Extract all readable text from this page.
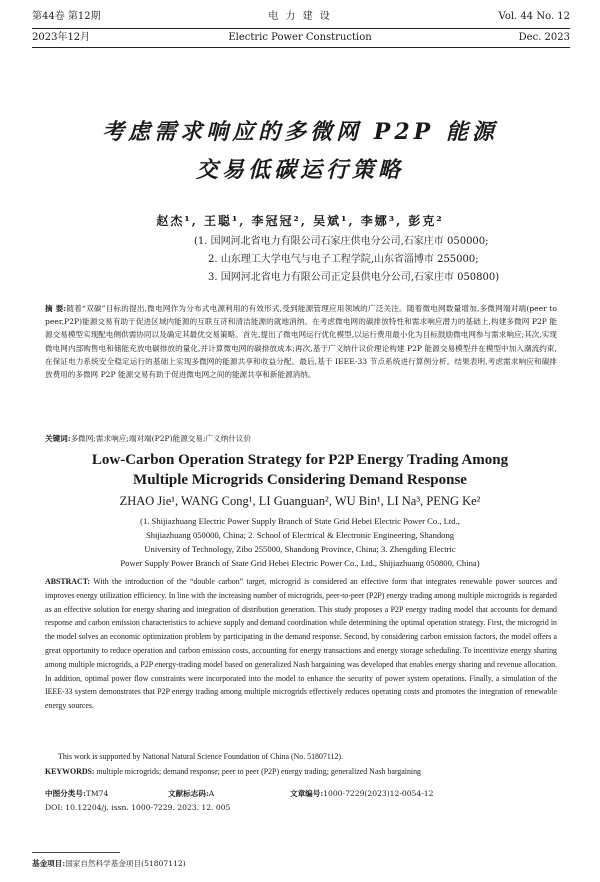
第44卷 第12期	电 力 建 设	Vol. 44 No. 12
2023年12月	Electric Power Construction	Dec. 2023
考虑需求响应的多微网 P2P 能源
交易低碳运行策略
赵杰¹, 王聪¹, 李冠冠², 吴斌¹, 李娜³, 彭克²
(1. 国网河北省电力有限公司石家庄供电分公司,石家庄市 050000;
2. 山东理工大学电气与电子工程学院,山东省淄博市 255000;
3. 国网河北省电力有限公司正定县供电分公司,石家庄市 050800)
摘 要:随着“双碳”目标的提出,微电网作为分布式电源利用的有效形式,受到能源管理应用领域的广泛关注。随着微电网数量增加,多微网端对端(peer to peer,P2P)能源交易有助于促进区域内能源的互联互济和清洁能源的就地消纳。在考虑微电网的碳排放特性和需求响应潜力的基础上,构建多微网 P2P 能源交易模型实现配电侧供需协同以及确定其最优交易策略。首先,提出了微电网运行优化模型,以运行费用最小化为目标鼓励微电网参与需求响应;其次,实现微电网内部购售电和储能充放电碳排放的量化,并计算微电网的碳排放成本;再次,基于广义纳什议价理论构建 P2P 能源交易模型并在模型中加入潮流约束,在保证电力系统安全稳定运行的基础上实现多微网的能源共享和收益分配。最后,基于 IEEE-33 节点系统进行算例分析。结果表明,考虑需求响应和碳排放费用的多微网 P2P 能源交易有助于促进微电网之间的能源共享和新能源消纳。
关键词:多微网;需求响应;端对端(P2P)能源交易;广义纳什议价
Low-Carbon Operation Strategy for P2P Energy Trading Among
Multiple Microgrids Considering Demand Response
ZHAO Jie¹, WANG Cong¹, LI Guanguan², WU Bin¹, LI Na³, PENG Ke²
(1. Shijiazhuang Electric Power Supply Branch of State Grid Hebei Electric Power Co., Ltd.,
Shijiazhuang 050000, China; 2. School of Electrical & Electronic Engineering, Shandong
University of Technology, Zibo 255000, Shandong Province, China; 3. Zhengding Electric
Power Supply Power Branch of State Grid Hebei Electric Power Co., Ltd., Shijiazhuang 050800, China)
ABSTRACT: With the introduction of the “double carbon” target, microgrid is considered an effective form that integrates renewable power sources and improves energy utilization efficiency. In line with the increasing number of microgrids, peer-to-peer (P2P) energy trading among multiple microgrids is regarded as an effective solution for energy sharing and integration of distribution generation. This study proposes a P2P energy trading model that accounts for demand response and carbon emission characteristics to achieve supply and demand coordination while determining the optimal operation strategy. First, the microgrid in the model solves an economic optimization problem by participating in the demand response. Second, by considering carbon emission factors, the model offers a great opportunity to reduce operation and carbon emission costs, accounting for energy transactions and energy storage scheduling. To incentivize energy sharing among multiple microgrids, a P2P energy-trading model based on generalized Nash bargaining was developed that enables energy sharing and revenue allocation. In addition, optimal power flow constraints were incorporated into the model to enhance the security of power system operations. Finally, a simulation of the IEEE-33 system demonstrates that P2P energy trading among multiple microgrids effectively reduces operating costs and promotes the integration of renewable energy sources.
This work is supported by National Natural Science Foundation of China (No. 51807112).
KEYWORDS: multiple microgrids; demand response; peer to peer (P2P) energy trading; generalized Nash bargaining
中图分类号:TM74	文献标志码:A	文章编号:1000-7229(2023)12-0054-12
DOI: 10.12204/j. issn. 1000-7229. 2023. 12. 005
基金项目:国家自然科学基金项目(51807112)
